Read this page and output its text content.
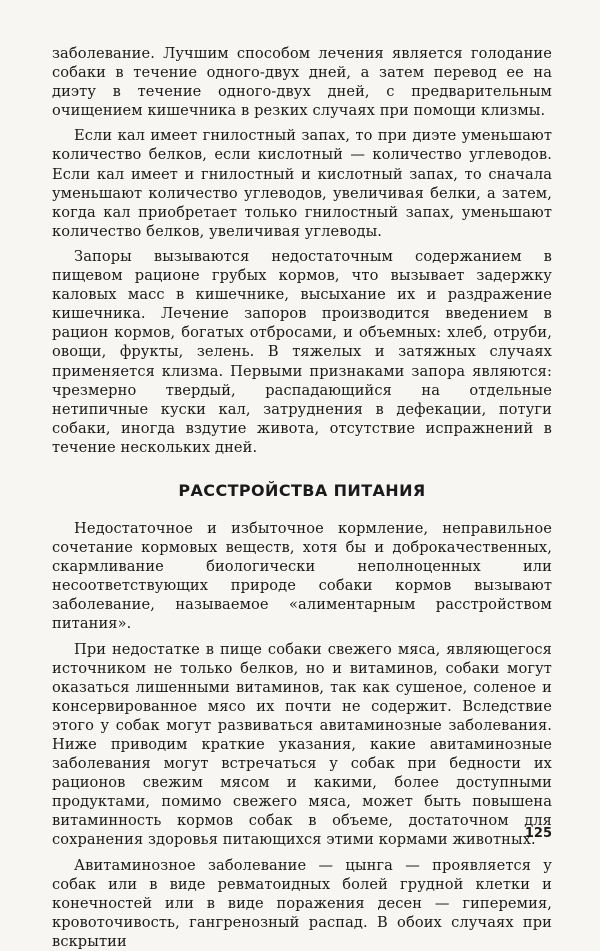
заболевание. Лучшим способом лечения является голодание собаки в течение одного-двух дней, а затем перевод ее на диэту в течение одного-двух дней, с предварительным очищением кишечника в резких случаях при помощи клизмы.

Если кал имеет гнилостный запах, то при диэте уменьшают количество белков, если кислотный — количество углеводов. Если кал имеет и гнилостный и кислотный запах, то сначала уменьшают количество углеводов, увеличивая белки, а затем, когда кал приобретает только гнилостный запах, уменьшают количество белков, увеличивая углеводы.

Запоры вызываются недостаточным содержанием в пищевом рационе грубых кормов, что вызывает задержку каловых масс в кишечнике, высыхание их и раздражение кишечника. Лечение запоров производится введением в рацион кормов, богатых отбросами, и объемных: хлеб, отруби, овощи, фрукты, зелень. В тяжелых и затяжных случаях применяется клизма. Первыми признаками запора являются: чрезмерно твердый, распадающийся на отдельные нетипичные куски кал, затруднения в дефекации, потуги собаки, иногда вздутие живота, отсутствие испражнений в течение нескольких дней.

РАССТРОЙСТВА ПИТАНИЯ

Недостаточное и избыточное кормление, неправильное сочетание кормовых веществ, хотя бы и доброкачественных, скармливание биологически неполноценных или несоответствующих природе собаки кормов вызывают заболевание, называемое «алиментарным расстройством питания».

При недостатке в пище собаки свежего мяса, являющегося источником не только белков, но и витаминов, собаки могут оказаться лишенными витаминов, так как сушеное, соленое и консервированное мясо их почти не содержит. Вследствие этого у собак могут развиваться авитаминозные заболевания. Ниже приводим краткие указания, какие авитаминозные заболевания могут встречаться у собак при бедности их рационов свежим мясом и какими, более доступными продуктами, помимо свежего мяса, может быть повышена витаминность кормов собак в объеме, достаточном для сохранения здоровья питающихся этими кормами животных.

Авитаминозное заболевание — цынга — проявляется у собак или в виде ревматоидных болей грудной клетки и конечностей или в виде поражения десен — гиперемия, кровоточивость, гангренозный распад. В обоих случаях при вскрытии

125
